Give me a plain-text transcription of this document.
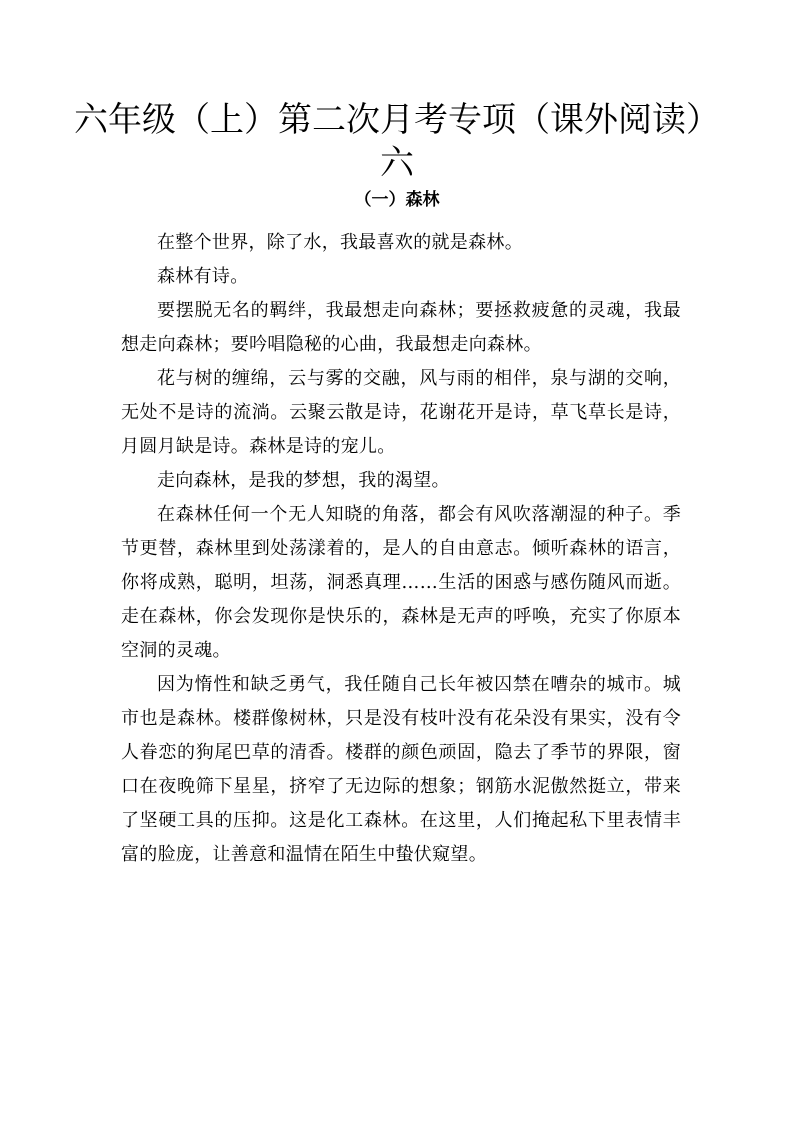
六年级（上）第二次月考专项（课外阅读）
六
（一）森林

在整个世界，除了水，我最喜欢的就是森林。

森林有诗。

要摆脱无名的羁绊，我最想走向森林；要拯救疲惫的灵魂，我最想走向森林；要吟唱隐秘的心曲，我最想走向森林。

花与树的缠绵，云与雾的交融，风与雨的相伴，泉与湖的交响，无处不是诗的流淌。云聚云散是诗，花谢花开是诗，草飞草长是诗，月圆月缺是诗。森林是诗的宠儿。

走向森林，是我的梦想，我的渴望。

在森林任何一个无人知晓的角落，都会有风吹落潮湿的种子。季节更替，森林里到处荡漾着的，是人的自由意志。倾听森林的语言，你将成熟，聪明，坦荡，洞悉真理……生活的困惑与感伤随风而逝。走在森林，你会发现你是快乐的，森林是无声的呼唤，充实了你原本空洞的灵魂。

因为惰性和缺乏勇气，我任随自己长年被囚禁在嘈杂的城市。城市也是森林。楼群像树林，只是没有枝叶没有花朵没有果实，没有令人眷恋的狗尾巴草的清香。楼群的颜色顽固，隐去了季节的界限，窗口在夜晚筛下星星，挤窄了无边际的想象；钢筋水泥傲然挺立，带来了坚硬工具的压抑。这是化工森林。在这里，人们掩起私下里表情丰富的脸庞，让善意和温情在陌生中蛰伏窥望。
